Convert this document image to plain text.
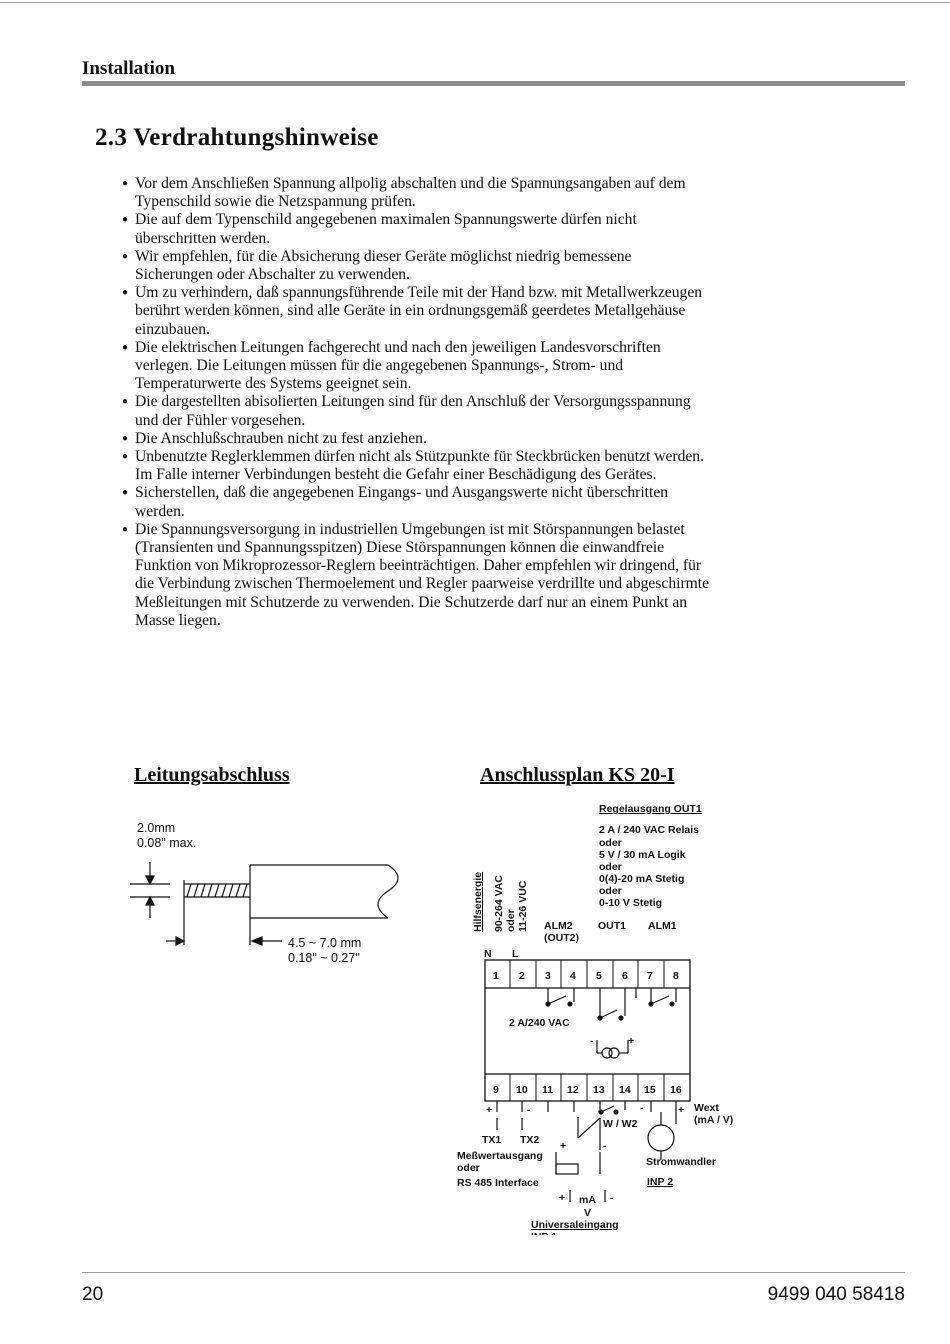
Installation
2.3 Verdrahtungshinweise
● Vor dem Anschließen Spannung allpolig abschalten und die Spannungsangaben auf dem Typenschild sowie die Netzspannung prüfen.
● Die auf dem Typenschild angegebenen maximalen Spannungswerte dürfen nicht überschritten werden.
● Wir empfehlen, für die Absicherung dieser Geräte möglichst niedrig bemessene Sicherungen oder Abschalter zu verwenden.
● Um zu verhindern, daß spannungsführende Teile mit der Hand bzw. mit Metallwerkzeugen berührt werden können, sind alle Geräte in ein ordnungsgemäß geerdetes Metallgehäuse einzubauen.
● Die elektrischen Leitungen fachgerecht und nach den jeweiligen Landesvorschriften verlegen. Die Leitungen müssen für die angegebenen Spannungs-, Strom- und Temperaturwerte des Systems geeignet sein.
● Die dargestellten abisolierten Leitungen sind für den Anschluß der Versorgungsspannung und der Fühler vorgesehen.
● Die Anschlußschrauben nicht zu fest anziehen.
● Unbenutzte Reglerklemmen dürfen nicht als Stützpunkte für Steckbrücken benutzt werden. Im Falle interner Verbindungen besteht die Gefahr einer Beschädigung des Gerätes.
● Sicherstellen, daß die angegebenen Eingangs- und Ausgangswerte nicht überschritten werden.
● Die Spannungsversorgung in industriellen Umgebungen ist mit Störspannungen belastet (Transienten und Spannungsspitzen) Diese Störspannungen können die einwandfreie Funktion von Mikroprozessor-Reglern beeinträchtigen. Daher empfehlen wir dringend, für die Verbindung zwischen Thermoelement und Regler paarweise verdrillte und abgeschirmte Meßleitungen mit Schutzerde zu verwenden. Die Schutzerde darf nur an einem Punkt an Masse liegen.
Leitungsabschluss	Anschlussplan KS 20-I
2.0mm
0.08" max.
4.5 ~ 7.0 mm
0.18" ~ 0.27"
Regelausgang OUT1
2 A / 240 VAC Relais
oder
5 V / 30 mA Logik
oder
0(4)-20 mA Stetig
oder
0-10 V Stetig
Hilfsenergie 90-264 VAC oder 11-26 VUC ALM2
(OUT2)
OUT1 ALM1
N L
1 2 3 4 5 6 7 8
9 10 11 12 13 14 15 16
2 A/240 VAC
-	+
+	-	-	+
W / W2
Wext
(mA / V)
TX1 TX2 +	-
Meßwertausgang
oder
RS 485 Interface
Stromwandler
INP 2
+ mA -
V
Universaleingang
20	9499 040 58418
